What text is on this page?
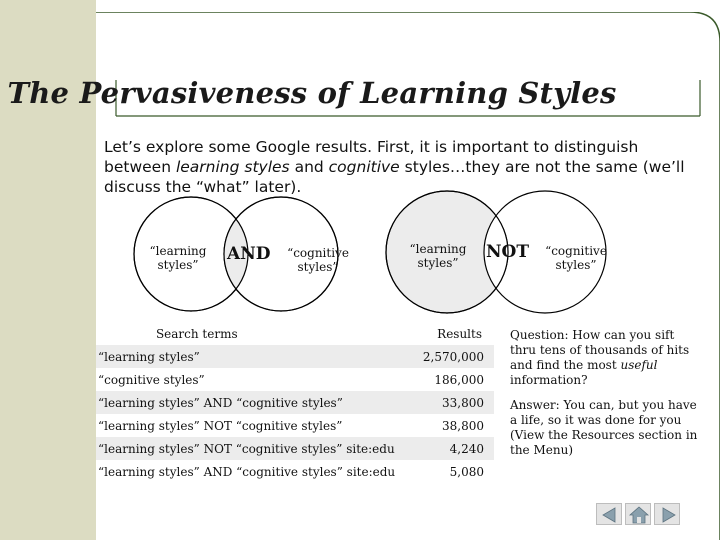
The Pervasiveness of Learning Styles
Let’s explore some Google results. First, it is important to distinguish between learning styles and cognitive styles…they are not the same (we’ll discuss the “what” later).
“learning
styles”
AND	“cognitive
styles”
“learning
styles”
NOT	“cognitive
styles”
Search terms	Results
“learning styles”	2,570,000
“cognitive styles”	186,000
“learning styles” AND “cognitive styles”	33,800
“learning styles” NOT “cognitive styles”	38,800
“learning styles” NOT “cognitive styles” site:edu	4,240
“learning styles” AND “cognitive styles” site:edu	5,080
Question: How can you sift thru tens of thousands of hits and find the most useful information?
Answer: You can, but you have a life, so it was done for you (View the Resources section in the Menu)
